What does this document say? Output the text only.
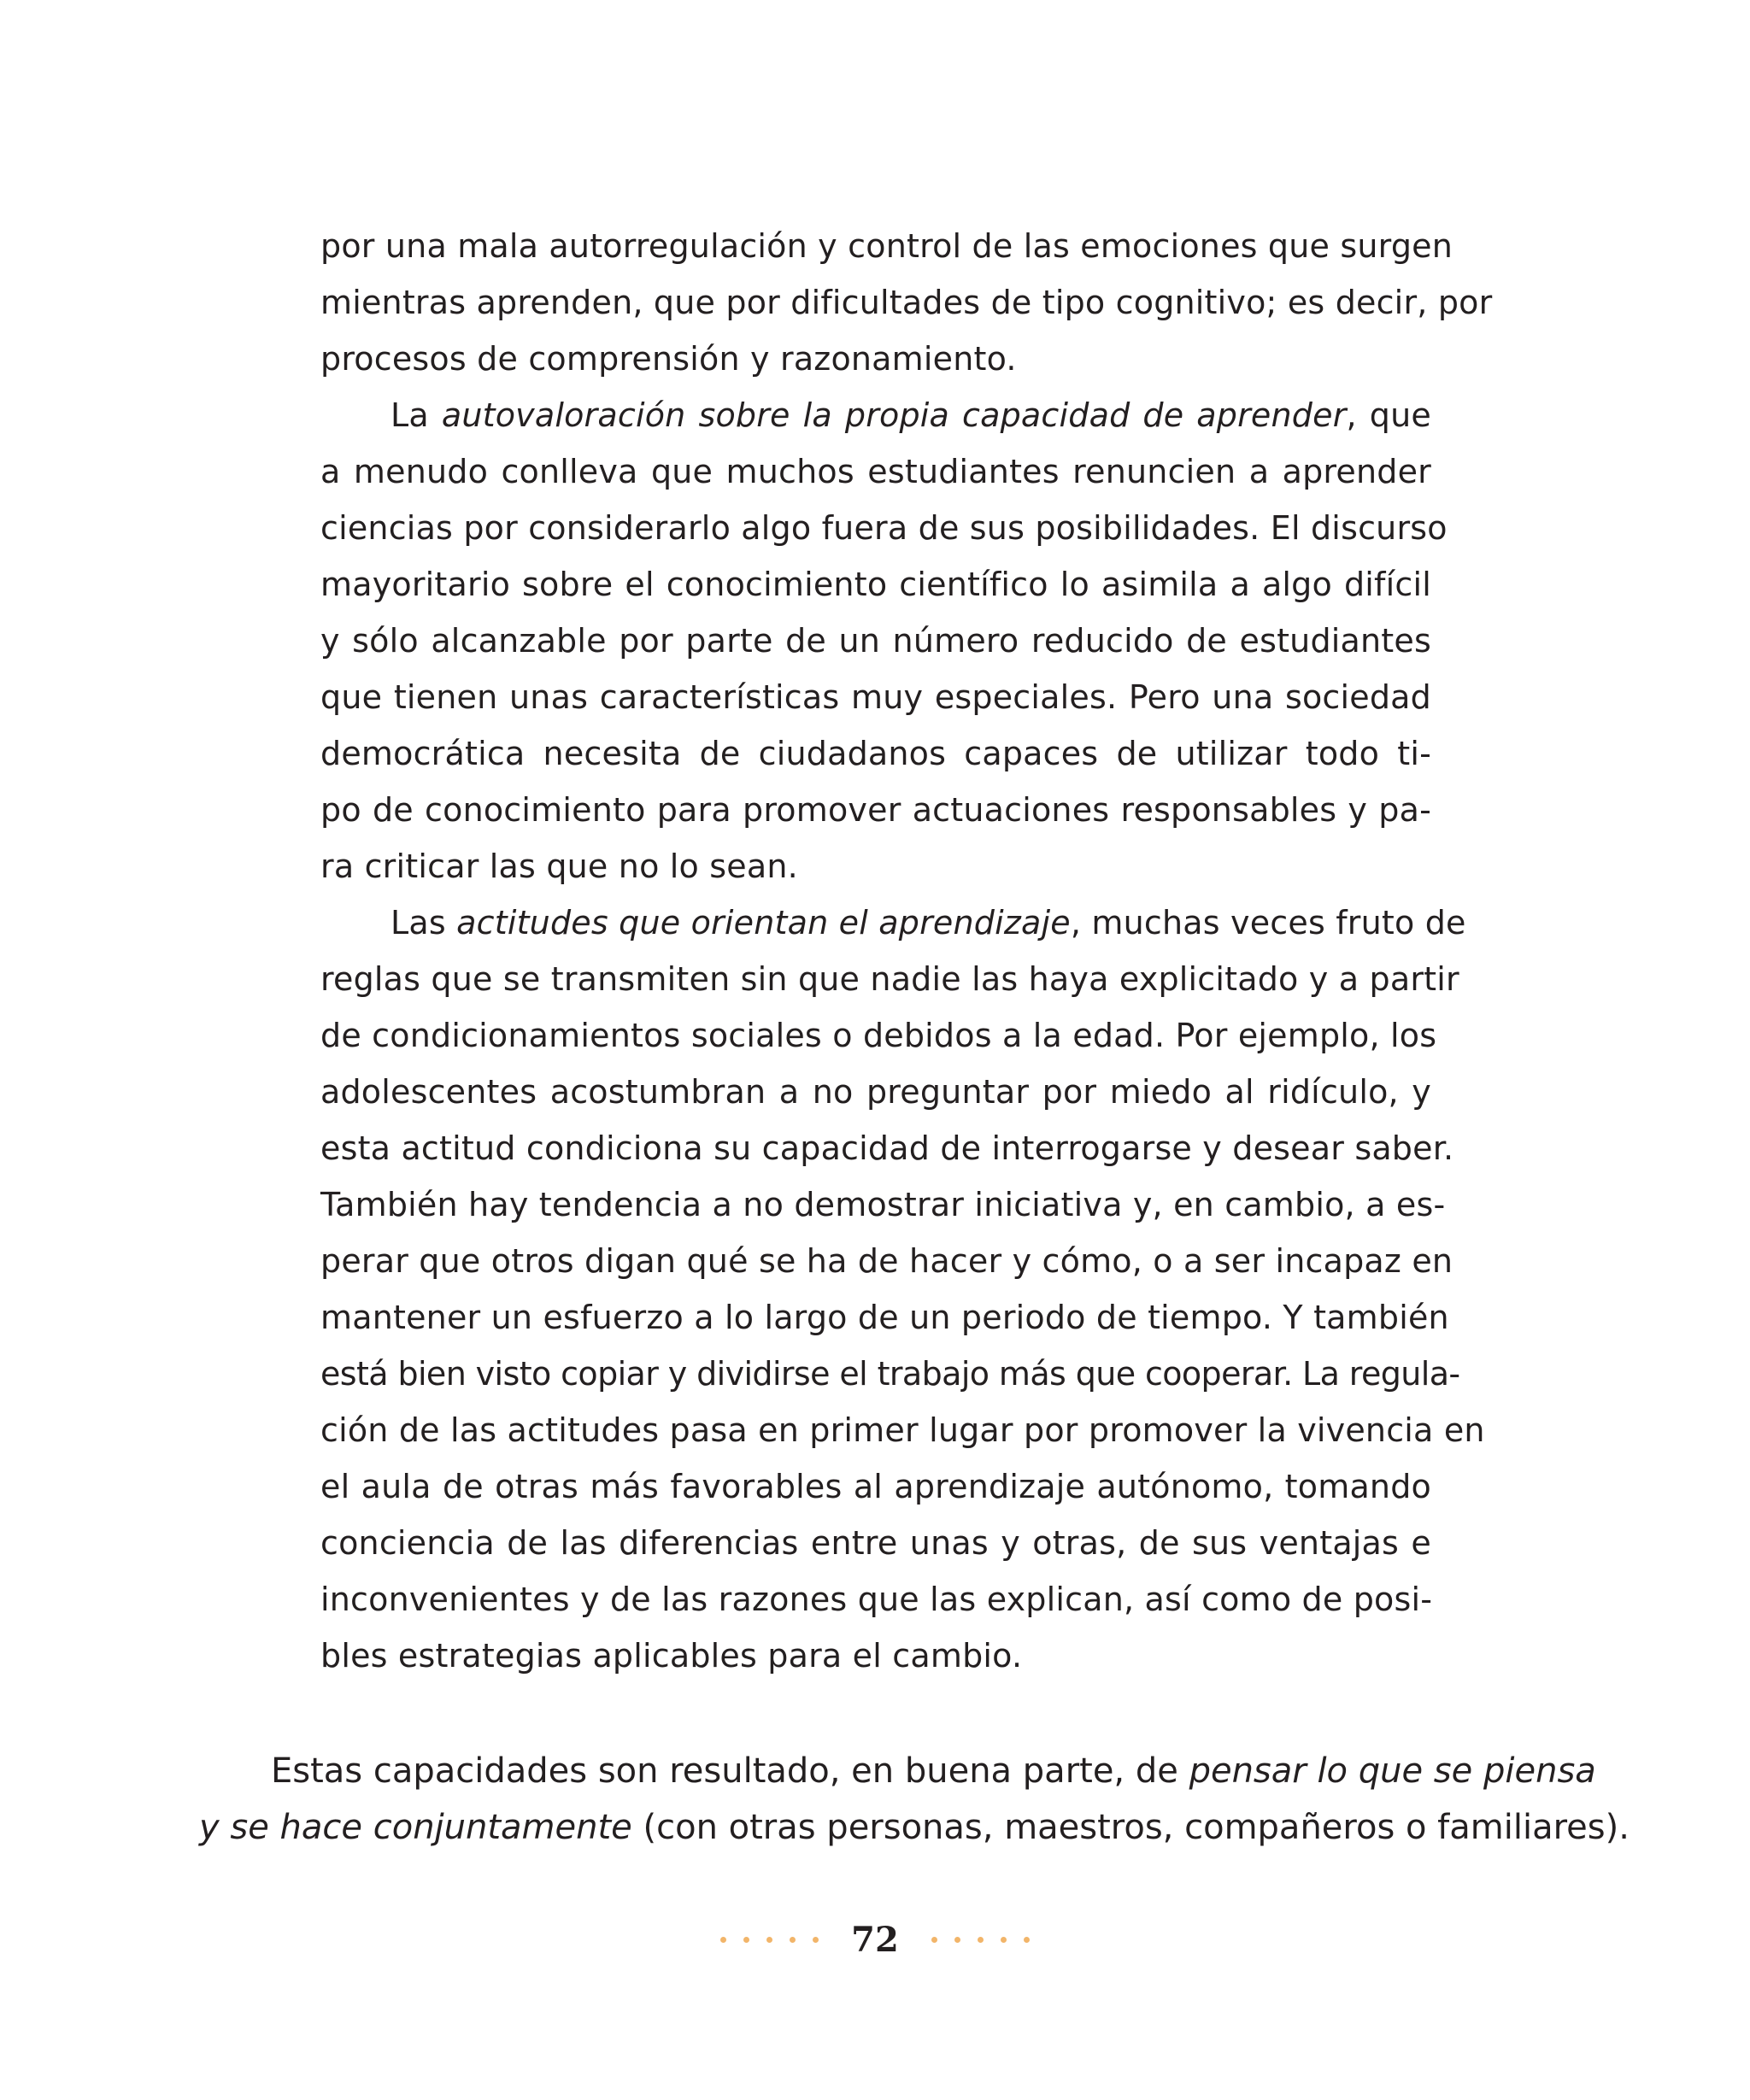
por una mala autorregulación y control de las emociones que surgen

mientras aprenden, que por dificultades de tipo cognitivo; es decir, por

procesos de comprensión y razonamiento.

La autovaloración sobre la propia capacidad de aprender, que

a menudo conlleva que muchos estudiantes renuncien a aprender

ciencias por considerarlo algo fuera de sus posibilidades. El discurso

mayoritario sobre el conocimiento científico lo asimila a algo difícil

y sólo alcanzable por parte de un número reducido de estudiantes

que tienen unas características muy especiales. Pero una sociedad

democrática necesita de ciudadanos capaces de utilizar todo ti-

po de conocimiento para promover actuaciones responsables y pa-

ra criticar las que no lo sean.

Las actitudes que orientan el aprendizaje, muchas veces fruto de

reglas que se transmiten sin que nadie las haya explicitado y a partir

de condicionamientos sociales o debidos a la edad. Por ejemplo, los

adolescentes acostumbran a no preguntar por miedo al ridículo, y

esta actitud condiciona su capacidad de interrogarse y desear saber.

También hay tendencia a no demostrar iniciativa y, en cambio, a es-

perar que otros digan qué se ha de hacer y cómo, o a ser incapaz en

mantener un esfuerzo a lo largo de un periodo de tiempo. Y también

está bien visto copiar y dividirse el trabajo más que cooperar. La regula-

ción de las actitudes pasa en primer lugar por promover la vivencia en

el aula de otras más favorables al aprendizaje autónomo, tomando

conciencia de las diferencias entre unas y otras, de sus ventajas e

inconvenientes y de las razones que las explican, así como de posi-

bles estrategias aplicables para el cambio.

Estas capacidades son resultado, en buena parte, de pensar lo que se piensa

y se hace conjuntamente (con otras personas, maestros, compañeros o familiares).

72
